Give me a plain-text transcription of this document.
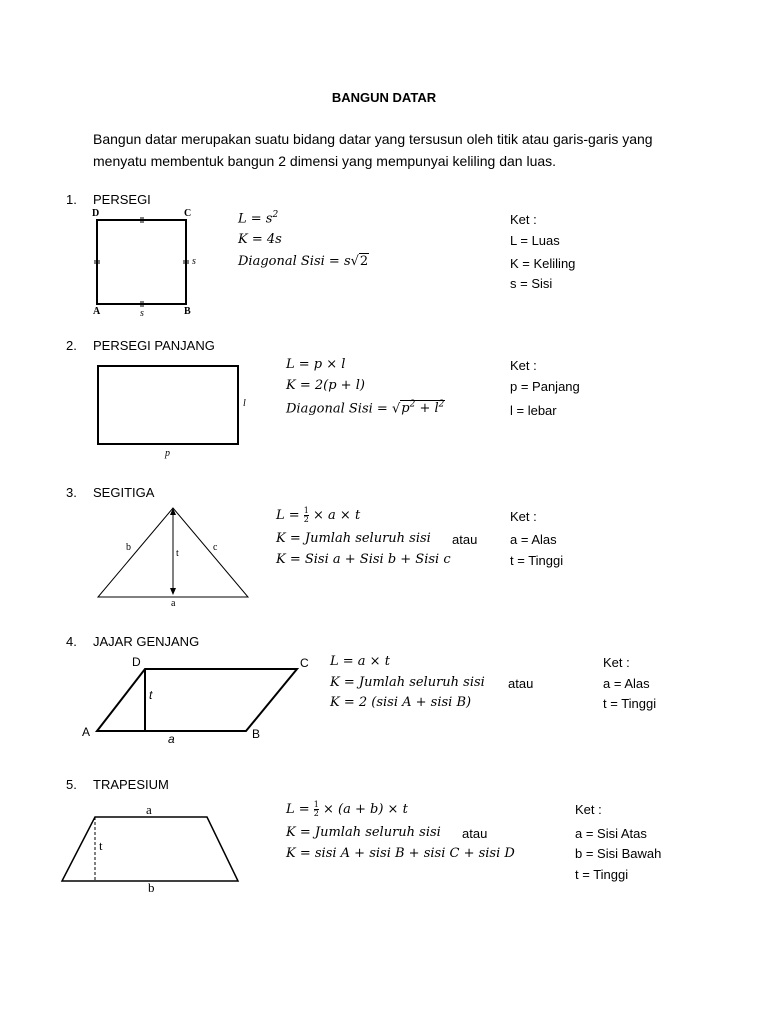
BANGUN DATAR
Bangun datar merupakan suatu bidang datar yang tersusun oleh titik atau garis-garis yang menyatu membentuk bangun 2 dimensi yang mempunyai keliling dan luas.
1. PERSEGI
D	C
A	B
s
s
$L = s^2$
K = 4s
Diagonal Sisi = s√2
Ket :
L = Luas
K = Keliling
s = Sisi
2. PERSEGI PANJANG
p
l
L = p × l
K = 2(p + l)
Diagonal Sisi = $√p^2 + l^2$
Ket :
p = Panjang
l = lebar
3. SEGITIGA
b	c
t
a
$L = \frac{1}{2} \times a \times t$
K = Jumlah seluruh sisi atau
K = Sisi a + Sisi b + Sisi c
Ket :
a = Alas
t = Tinggi
4. JAJAR GENJANG
D	C
A	B
t
a
L = a × t
K = Jumlah seluruh sisi atau
K = 2 (sisi A + sisi B)
Ket :
a = Alas
t = Tinggi
5. TRAPESIUM
a
b
t
$L = \frac{1}{2} \times (a + b) \times t$
K = Jumlah seluruh sisi atau
K = sisi A + sisi B + sisi C + sisi D
Ket :
a = Sisi Atas
b = Sisi Bawah
t = Tinggi
